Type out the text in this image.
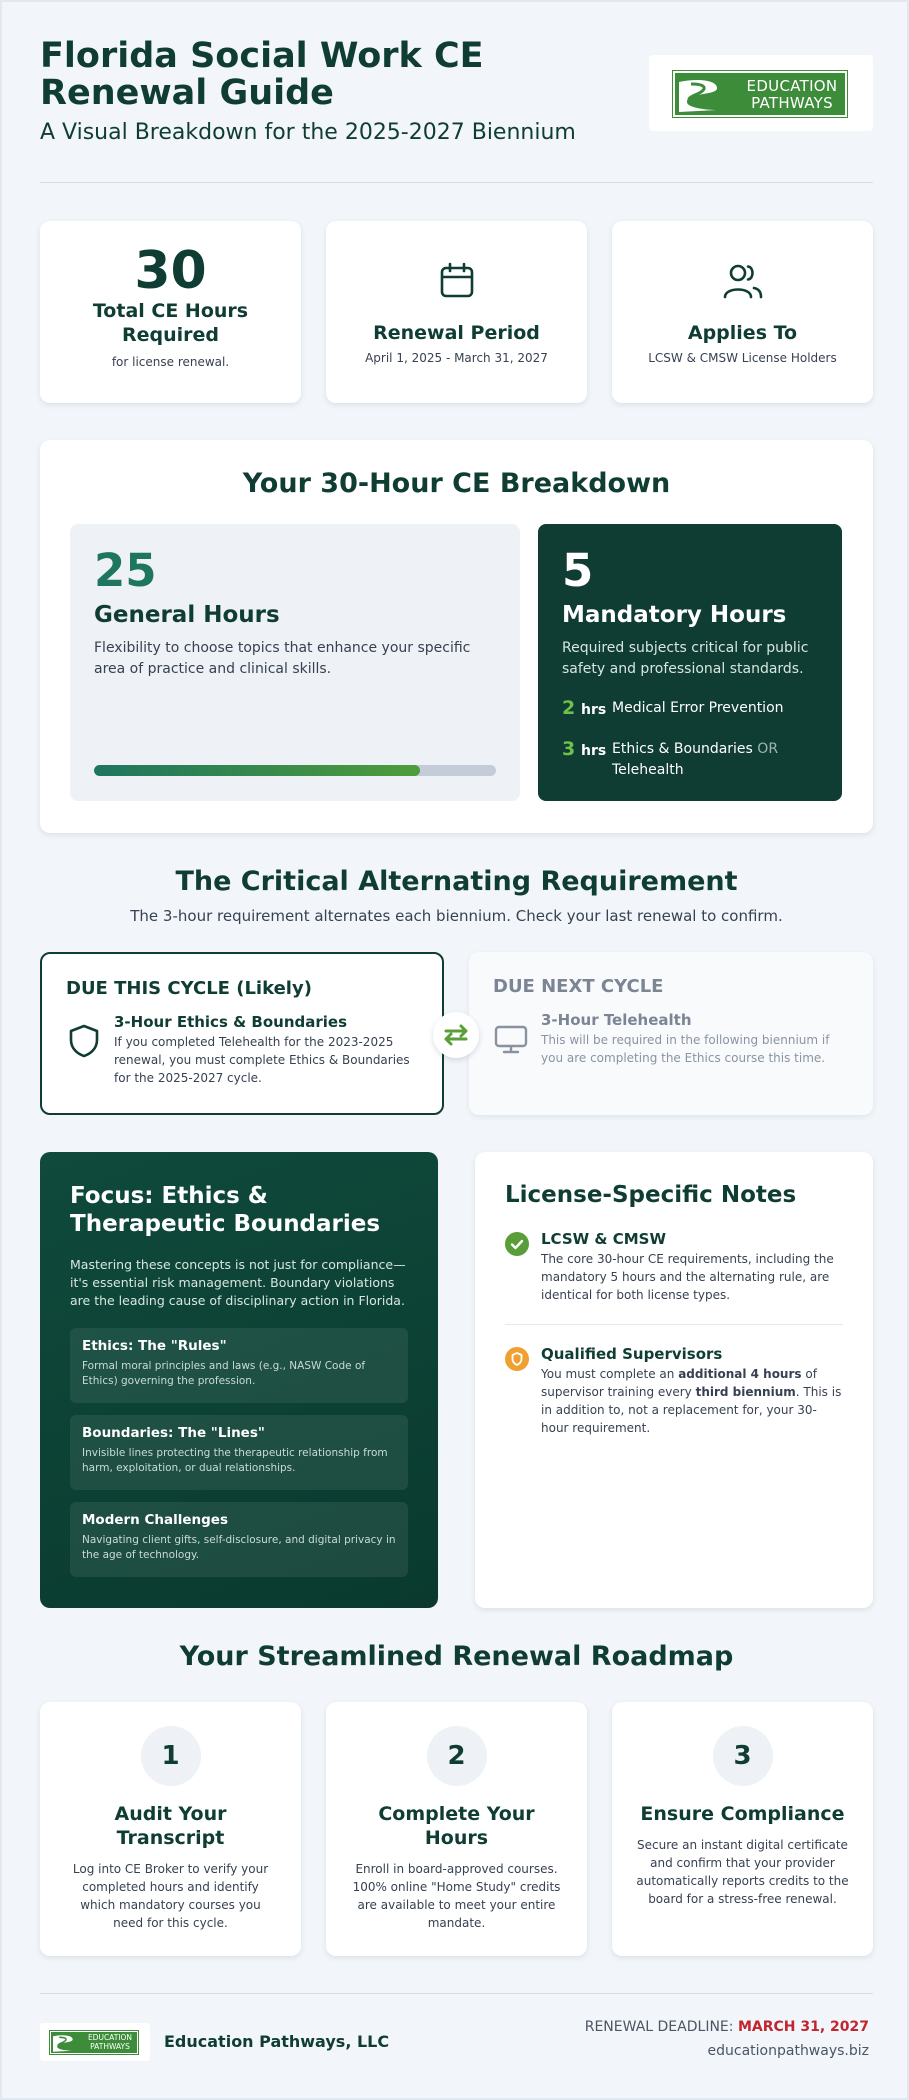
Florida Social Work CE Renewal Guide
A Visual Breakdown for the 2025-2027 Biennium
EDUCATION PATHWAYS
30
Total CE Hours Required
for license renewal.
Renewal Period
April 1, 2025 - March 31, 2027
Applies To
LCSW & CMSW License Holders
Your 30-Hour CE Breakdown
25
General Hours
Flexibility to choose topics that enhance your specific area of practice and clinical skills.
5
Mandatory Hours
Required subjects critical for public safety and professional standards.
2 hrs Medical Error Prevention
3 hrs Ethics & Boundaries OR Telehealth
The Critical Alternating Requirement
The 3-hour requirement alternates each biennium. Check your last renewal to confirm.
DUE THIS CYCLE (Likely)
3-Hour Ethics & Boundaries
If you completed Telehealth for the 2023-2025 renewal, you must complete Ethics & Boundaries for the 2025-2027 cycle.
DUE NEXT CYCLE
3-Hour Telehealth
This will be required in the following biennium if you are completing the Ethics course this time.
Focus: Ethics & Therapeutic Boundaries
Mastering these concepts is not just for compliance—it's essential risk management. Boundary violations are the leading cause of disciplinary action in Florida.
Ethics: The "Rules"
Formal moral principles and laws (e.g., NASW Code of Ethics) governing the profession.
Boundaries: The "Lines"
Invisible lines protecting the therapeutic relationship from harm, exploitation, or dual relationships.
Modern Challenges
Navigating client gifts, self-disclosure, and digital privacy in the age of technology.
License-Specific Notes
LCSW & CMSW
The core 30-hour CE requirements, including the mandatory 5 hours and the alternating rule, are identical for both license types.
Qualified Supervisors
You must complete an additional 4 hours of supervisor training every third biennium. This is in addition to, not a replacement for, your 30-hour requirement.
Your Streamlined Renewal Roadmap
1
Audit Your Transcript
Log into CE Broker to verify your completed hours and identify which mandatory courses you need for this cycle.
2
Complete Your Hours
Enroll in board-approved courses. 100% online "Home Study" credits are available to meet your entire mandate.
3
Ensure Compliance
Secure an instant digital certificate and confirm that your provider automatically reports credits to the board for a stress-free renewal.
EDUCATION PATHWAYS	Education Pathways, LLC
RENEWAL DEADLINE: MARCH 31, 2027
educationpathways.biz
